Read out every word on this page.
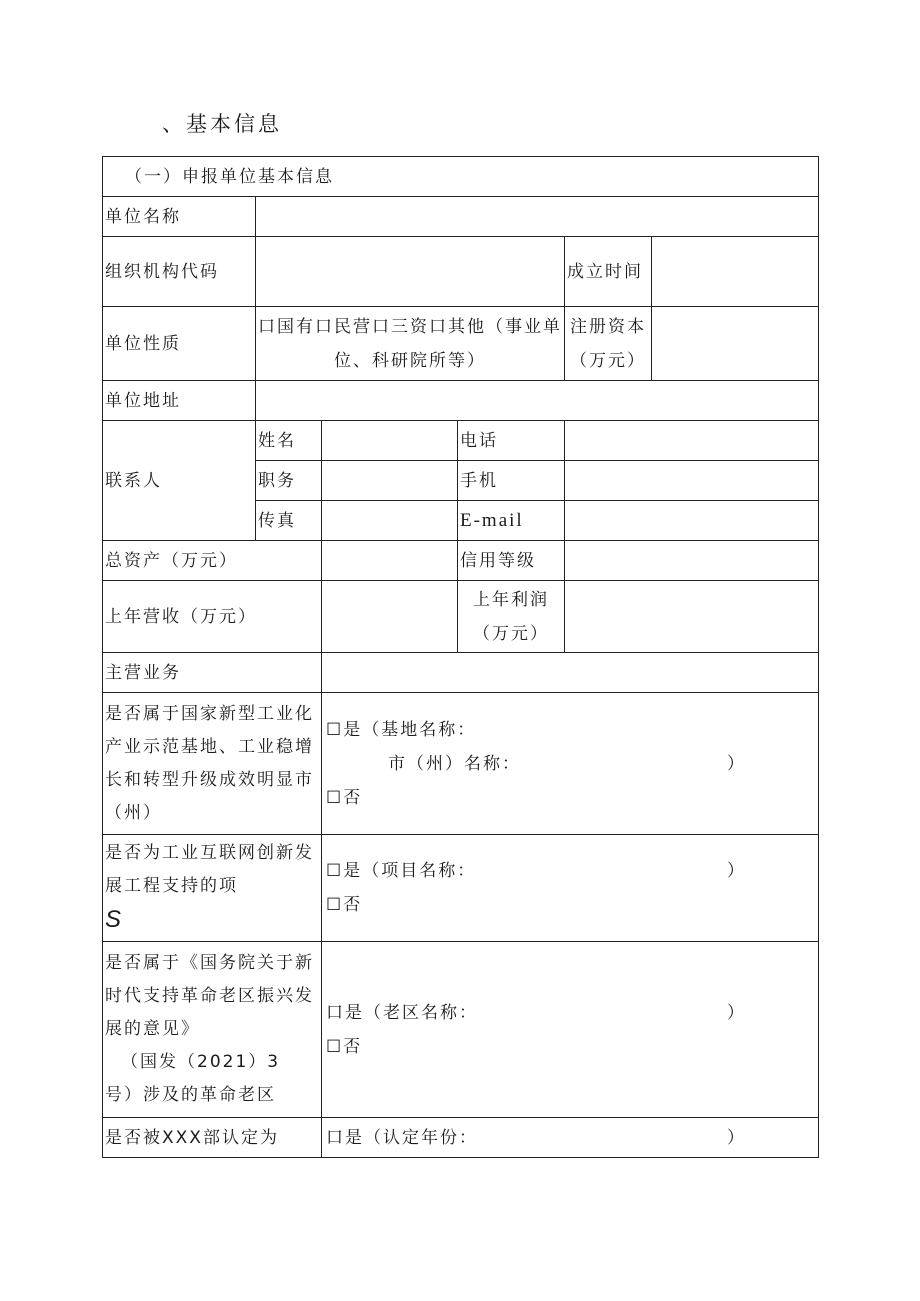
、基本信息
（一）申报单位基本信息					
单位名称					
组织机构代码				成立时间	
单位性质	口国有口民营口三资口其他（事业单位、科研院所等）			注册资本（万元）	
单位地址					
联系人	姓名		电话		
	职务		手机		
	传真		E-mail		
总资产（万元）			信用等级		
上年营收（万元）			上年利润（万元）		
主营业务					
是否属于国家新型工业化产业示范基地、工业稳增长和转型升级成效明显市（州）		☐是（基地名称：
市（州）名称： ）
☐否			

是否为工业互联网创新发展工程支持的项
S		☐是（项目名称： ）
☐否			

是否属于《国务院关于新时代支持革命老区振兴发展的意见》
（国发（2021）3
号）涉及的革命老区		口是（老区名称： ）
☐否			

是否被XXX部认定为		口是（认定年份： ）			
